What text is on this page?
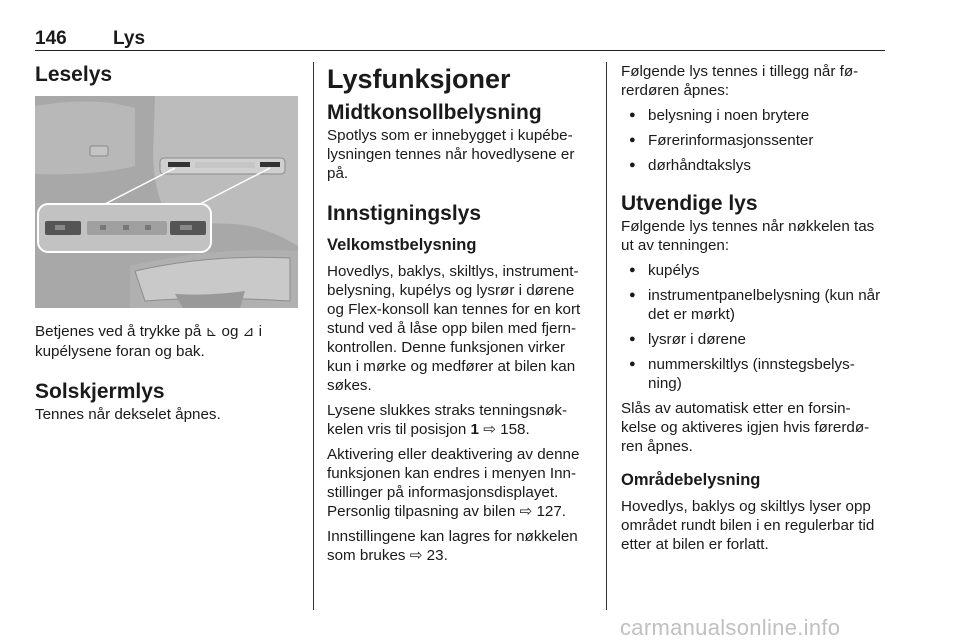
146 Lys
Leselys

Betjenes ved å trykke på ⊾ og ⊿ i kupélysene foran og bak.

Solskjermlys

Tennes når dekselet åpnes.

Lysfunksjoner
Midtkonsollbelysning

Spotlys som er innebygget i kupébe-lysningen tennes når hovedlysene er på.

Innstigningslys
Velkomstbelysning

Hovedlys, baklys, skiltlys, instrument-belysning, kupélys og lysrør i dørene og Flex-konsoll kan tennes for en kort stund ved å låse opp bilen med fjern-kontrollen. Denne funksjonen virker kun i mørke og medfører at bilen kan søkes.

Lysene slukkes straks tenningsnøk-kelen vris til posisjon 1 ⇨ 158.

Aktivering eller deaktivering av denne funksjonen kan endres i menyen Inn-stillinger på informasjonsdisplayet. Personlig tilpasning av bilen ⇨ 127.

Innstillingene kan lagres for nøkkelen som brukes ⇨ 23.

Følgende lys tennes i tillegg når fø-rerdøren åpnes:

● belysning i noen brytere
● Førerinformasjonssenter
● dørhåndtakslys
Utvendige lys

Følgende lys tennes når nøkkelen tas ut av tenningen:

● kupélys
● instrumentpanelbelysning (kun når det er mørkt)
● lysrør i dørene
● nummerskiltlys (innstegsbelys-ning)

Slås av automatisk etter en forsin-kelse og aktiveres igjen hvis førerdø-ren åpnes.

Områdebelysning

Hovedlys, baklys og skiltlys lyser opp området rundt bilen i en regulerbar tid etter at bilen er forlatt.

carmanualsonline.info
